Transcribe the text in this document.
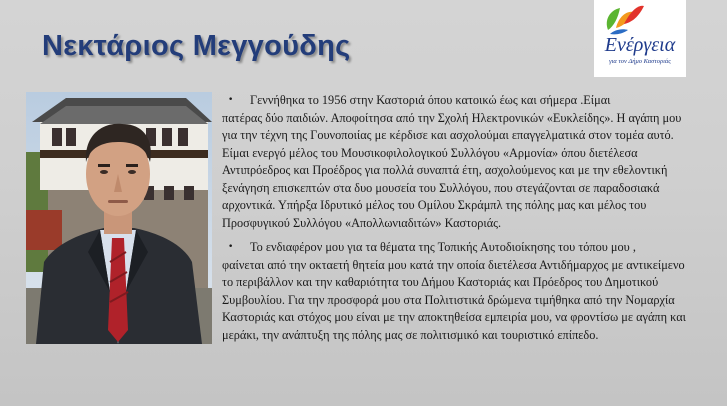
Νεκτάριος Μεγγούδης	Ενέργεια
για τον Δήμο Καστοριάς

• Γεννήθηκα το 1956 στην Καστοριά όπου κατοικώ έως και σήμερα .Είμαι

πατέρας δύο παιδιών. Αποφοίτησα από την Σχολή Ηλεκτρονικών «Ευκλείδης». Η αγάπη μου για την τέχνη της Γουνοποιίας με κέρδισε και ασχολούμαι επαγγελματικά στον τομέα αυτό. Είμαι ενεργό μέλος του Μουσικοφιλολογικού Συλλόγου «Αρμονία» όπου διετέλεσα Αντιπρόεδρος και Προέδρος για πολλά συναπτά έτη, ασχολούμενος και με την εθελοντική ξενάγηση επισκεπτών στα δυο μουσεία του Συλλόγου, που στεγάζονται σε παραδοσιακά αρχοντικά. Υπήρξα Ιδρυτικό μέλος του Ομίλου Σκράμπλ της πόλης μας και μέλος του Προσφυγικού Συλλόγου «Απολλωνιαδιτών» Καστοριάς.

• Το ενδιαφέρον μου για τα θέματα της Τοπικής Αυτοδιοίκησης του τόπου μου ,

φαίνεται από την οκταετή θητεία μου κατά την οποία διετέλεσα Αντιδήμαρχος με αντικείμενο το περιβάλλον και την καθαριότητα του Δήμου Καστοριάς και Πρόεδρος του Δημοτικού Συμβουλίου. Για την προσφορά μου στα Πολιτιστικά δρώμενα τιμήθηκα από την Νομαρχία Καστοριάς και στόχος μου είναι με την αποκτηθείσα εμπειρία μου, να φροντίσω με αγάπη και μεράκι, την ανάπτυξη της πόλης μας σε πολιτισμικό και τουριστικό επίπεδο.
